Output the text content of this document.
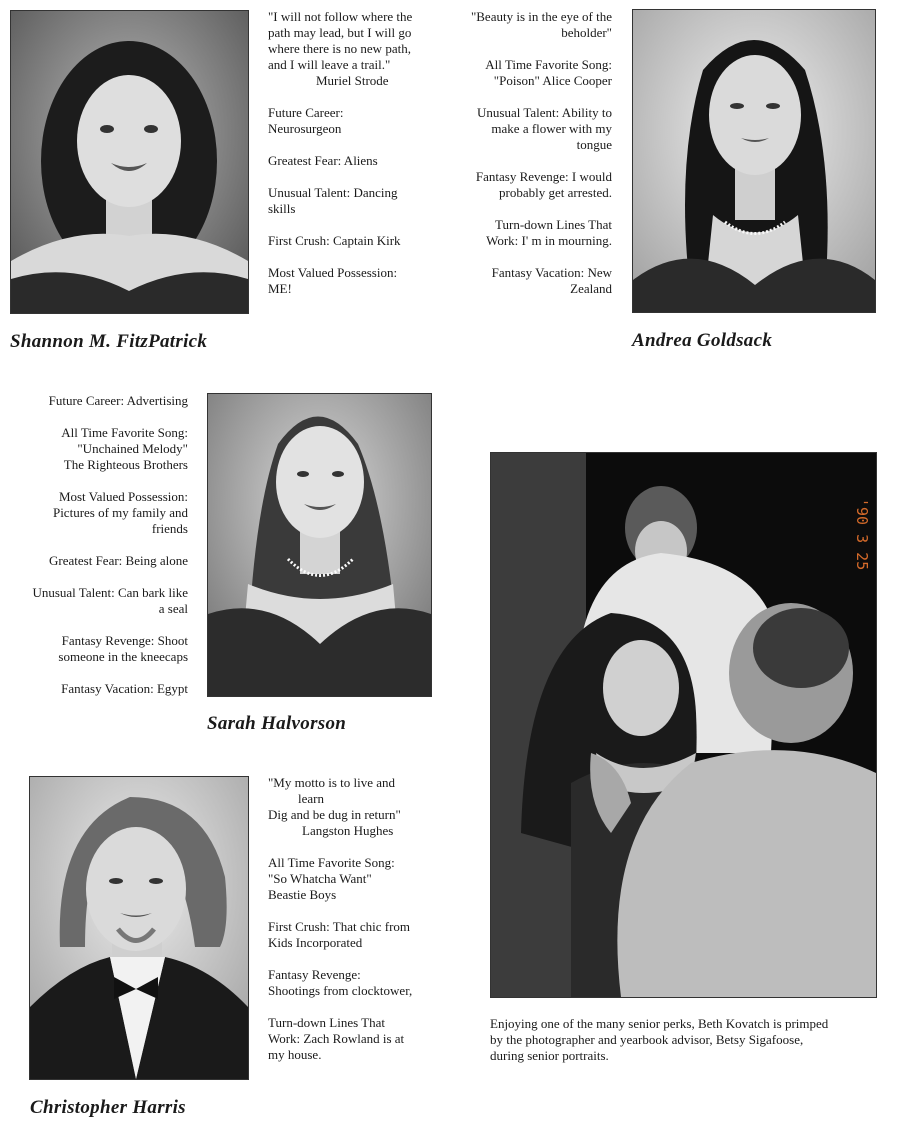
"I will not follow where the
path may lead, but I will go
where there is no new path,
and I will leave a trail."

Muriel Strode

Future Career:
Neurosurgeon

Greatest Fear: Aliens

Unusual Talent: Dancing
skills

First Crush: Captain Kirk

Most Valued Possession:
ME!

Shannon M. FitzPatrick

"Beauty is in the eye of the
beholder"

All Time Favorite Song:
"Poison" Alice Cooper

Unusual Talent: Ability to
make a flower with my
tongue

Fantasy Revenge: I would
probably get arrested.

Turn-down Lines That
Work: I' m in mourning.

Fantasy Vacation: New
Zealand

Andrea Goldsack

Future Career: Advertising

All Time Favorite Song:
"Unchained Melody"
The Righteous Brothers

Most Valued Possession:
Pictures of my family and
friends

Greatest Fear: Being alone

Unusual Talent: Can bark like
a seal

Fantasy Revenge: Shoot
someone in the kneecaps

Fantasy Vacation: Egypt

Sarah Halvorson

"My motto is to live and

learn
Dig and be dug in return"

Langston Hughes

All Time Favorite Song:
"So Whatcha Want"
Beastie Boys

First Crush: That chic from
Kids Incorporated

Fantasy Revenge:
Shootings from clocktower,

Turn-down Lines That
Work: Zach Rowland is at
my house.

Christopher Harris
'90 3 25
Enjoying one of the many senior perks, Beth Kovatch is primped
by the photographer and yearbook advisor, Betsy Sigafoose,
during senior portraits.
